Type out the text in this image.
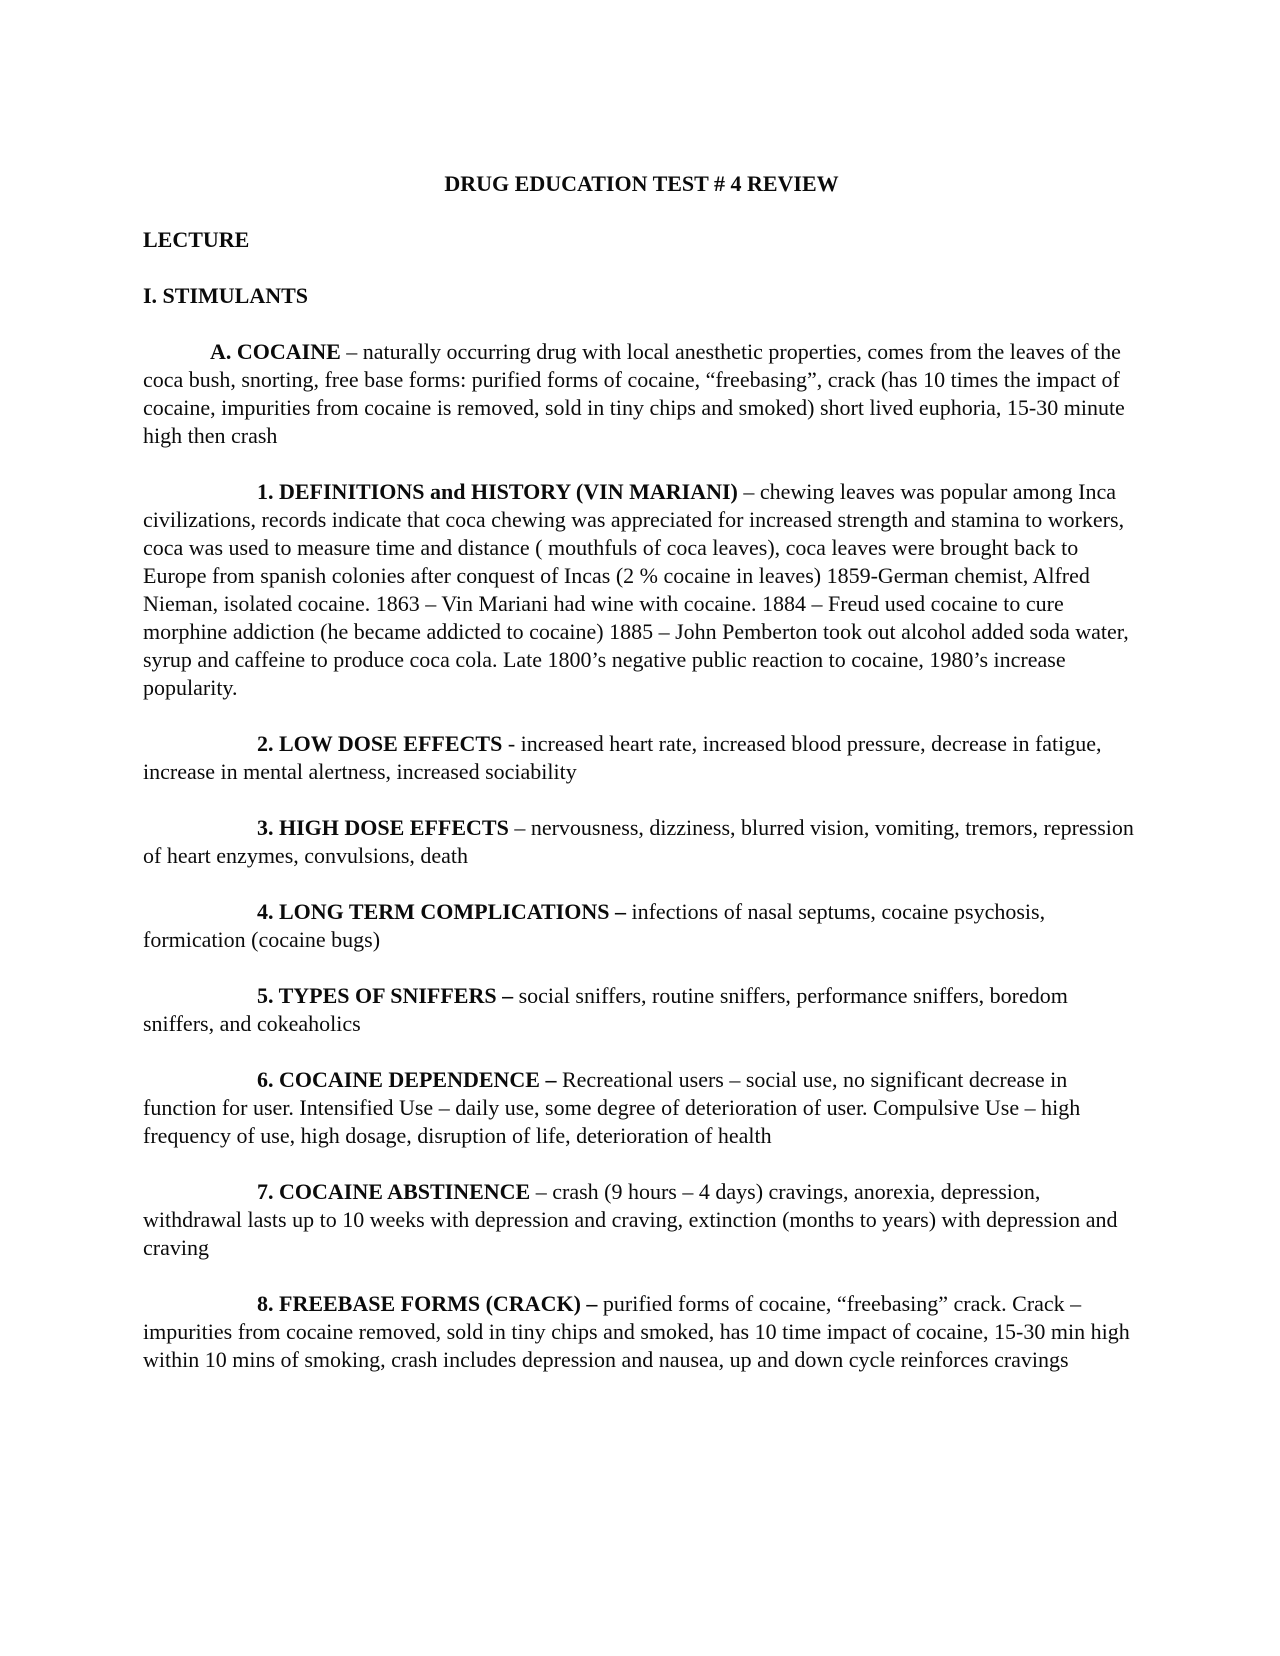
DRUG EDUCATION TEST # 4 REVIEW

LECTURE

I. STIMULANTS

A. COCAINE – naturally occurring drug with local anesthetic properties, comes from the leaves of the coca bush, snorting, free base forms: purified forms of cocaine, “freebasing”, crack (has 10 times the impact of cocaine, impurities from cocaine is removed, sold in tiny chips and smoked) short lived euphoria, 15-30 minute high then crash

1. DEFINITIONS and HISTORY (VIN MARIANI) – chewing leaves was popular among Inca civilizations, records indicate that coca chewing was appreciated for increased strength and stamina to workers, coca was used to measure time and distance ( mouthfuls of coca leaves), coca leaves were brought back to Europe from spanish colonies after conquest of Incas (2 % cocaine in leaves) 1859-German chemist, Alfred Nieman, isolated cocaine. 1863 – Vin Mariani had wine with cocaine. 1884 – Freud used cocaine to cure morphine addiction (he became addicted to cocaine) 1885 – John Pemberton took out alcohol added soda water, syrup and caffeine to produce coca cola. Late 1800’s negative public reaction to cocaine, 1980’s increase popularity.

2. LOW DOSE EFFECTS - increased heart rate, increased blood pressure, decrease in fatigue, increase in mental alertness, increased sociability

3. HIGH DOSE EFFECTS – nervousness, dizziness, blurred vision, vomiting, tremors, repression of heart enzymes, convulsions, death

4. LONG TERM COMPLICATIONS – infections of nasal septums, cocaine psychosis, formication (cocaine bugs)

5. TYPES OF SNIFFERS – social sniffers, routine sniffers, performance sniffers, boredom sniffers, and cokeaholics

6. COCAINE DEPENDENCE – Recreational users – social use, no significant decrease in function for user. Intensified Use – daily use, some degree of deterioration of user. Compulsive Use – high frequency of use, high dosage, disruption of life, deterioration of health

7. COCAINE ABSTINENCE – crash (9 hours – 4 days) cravings, anorexia, depression, withdrawal lasts up to 10 weeks with depression and craving, extinction (months to years) with depression and craving

8. FREEBASE FORMS (CRACK) – purified forms of cocaine, “freebasing” crack. Crack – impurities from cocaine removed, sold in tiny chips and smoked, has 10 time impact of cocaine, 15-30 min high within 10 mins of smoking, crash includes depression and nausea, up and down cycle reinforces cravings
